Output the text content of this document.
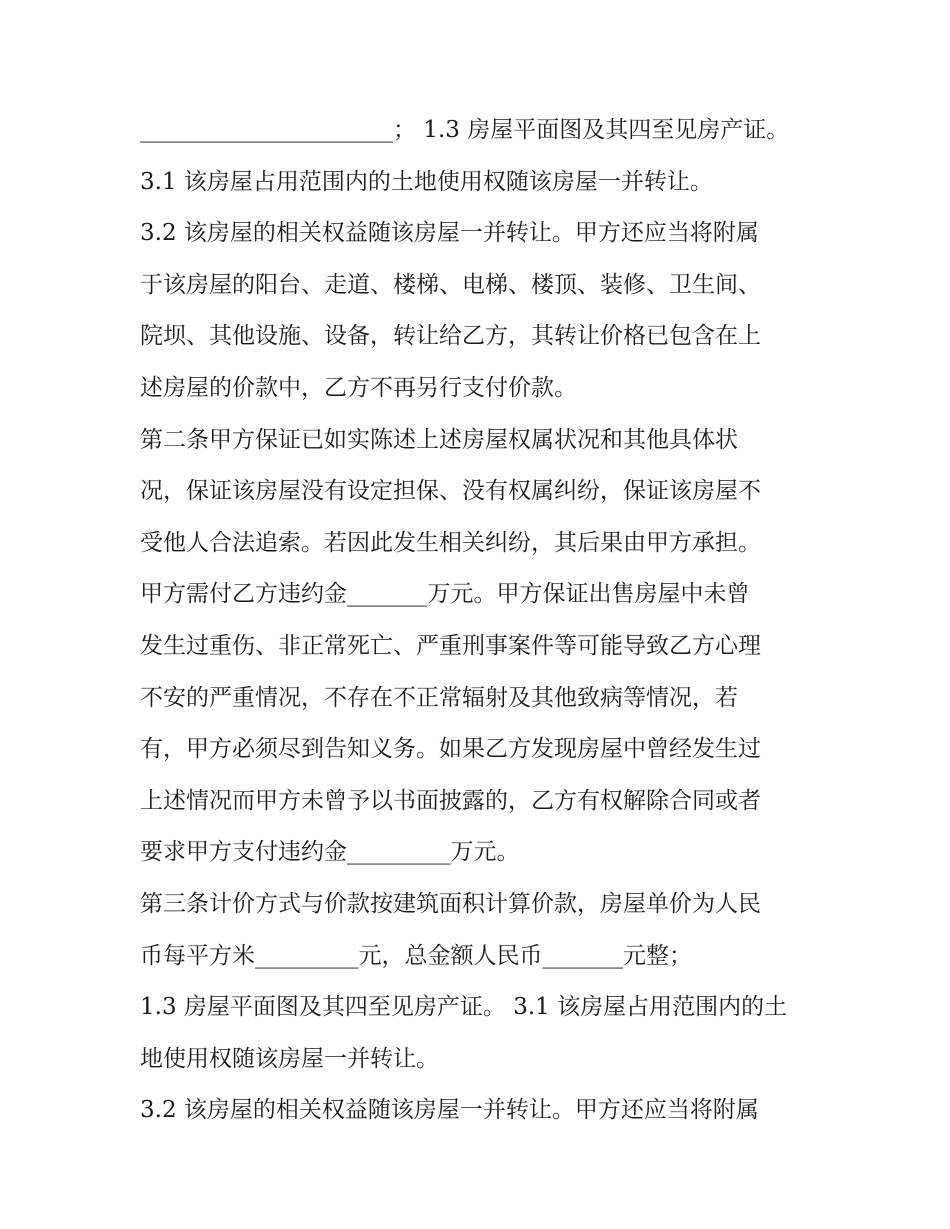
______________________； 1.3 房屋平面图及其四至见房产证。
3.1 该房屋占用范围内的土地使用权随该房屋一并转让。
3.2 该房屋的相关权益随该房屋一并转让。甲方还应当将附属
于该房屋的阳台、走道、楼梯、电梯、楼顶、装修、卫生间、
院坝、其他设施、设备，转让给乙方，其转让价格已包含在上
述房屋的价款中，乙方不再另行支付价款。
第二条甲方保证已如实陈述上述房屋权属状况和其他具体状
况，保证该房屋没有设定担保、没有权属纠纷，保证该房屋不
受他人合法追索。若因此发生相关纠纷，其后果由甲方承担。
甲方需付乙方违约金_______万元。甲方保证出售房屋中未曾
发生过重伤、非正常死亡、严重刑事案件等可能导致乙方心理
不安的严重情况，不存在不正常辐射及其他致病等情况，若
有，甲方必须尽到告知义务。如果乙方发现房屋中曾经发生过
上述情况而甲方未曾予以书面披露的，乙方有权解除合同或者
要求甲方支付违约金_________万元。
第三条计价方式与价款按建筑面积计算价款，房屋单价为人民
币每平方米_________元，总金额人民币_______元整；
1.3 房屋平面图及其四至见房产证。 3.1 该房屋占用范围内的土
地使用权随该房屋一并转让。
3.2 该房屋的相关权益随该房屋一并转让。甲方还应当将附属
